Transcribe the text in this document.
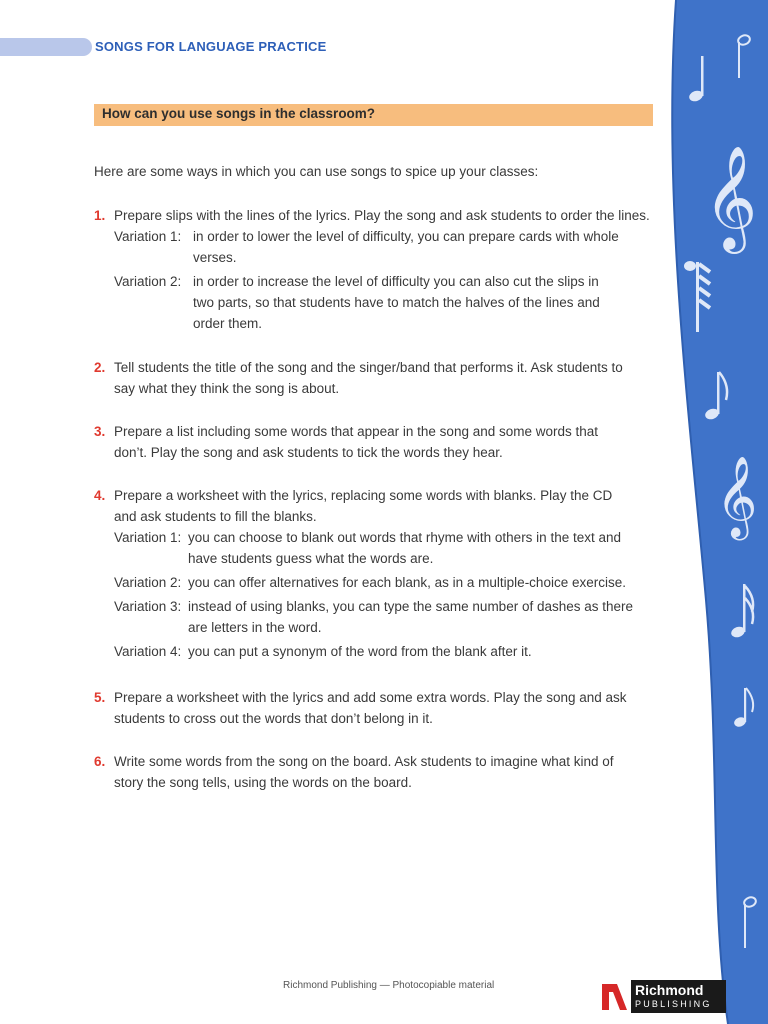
SONGS FOR LANGUAGE PRACTICE
How can you use songs in the classroom?
𝄞
𝄞
Here are some ways in which you can use songs to spice up your classes:
1. Prepare slips with the lines of the lyrics. Play the song and ask students to order the lines.
Variation 1: in order to lower the level of difficulty, you can prepare cards with whole
verses.
Variation 2: in order to increase the level of difficulty you can also cut the slips in
two parts, so that students have to match the halves of the lines and
order them.
2. Tell students the title of the song and the singer/band that performs it. Ask students to
say what they think the song is about.
3. Prepare a list including some words that appear in the song and some words that
don’t. Play the song and ask students to tick the words they hear.
4. Prepare a worksheet with the lyrics, replacing some words with blanks. Play the CD
and ask students to fill the blanks.
Variation 1: you can choose to blank out words that rhyme with others in the text and
have students guess what the words are.
Variation 2: you can offer alternatives for each blank, as in a multiple-choice exercise.
Variation 3: instead of using blanks, you can type the same number of dashes as there
are letters in the word.
Variation 4: you can put a synonym of the word from the blank after it.
5. Prepare a worksheet with the lyrics and add some extra words. Play the song and ask
students to cross out the words that don’t belong in it.
6. Write some words from the song on the board. Ask students to imagine what kind of
story the song tells, using the words on the board.
Richmond Publishing — Photocopiable material	Richmond
PUBLISHING
